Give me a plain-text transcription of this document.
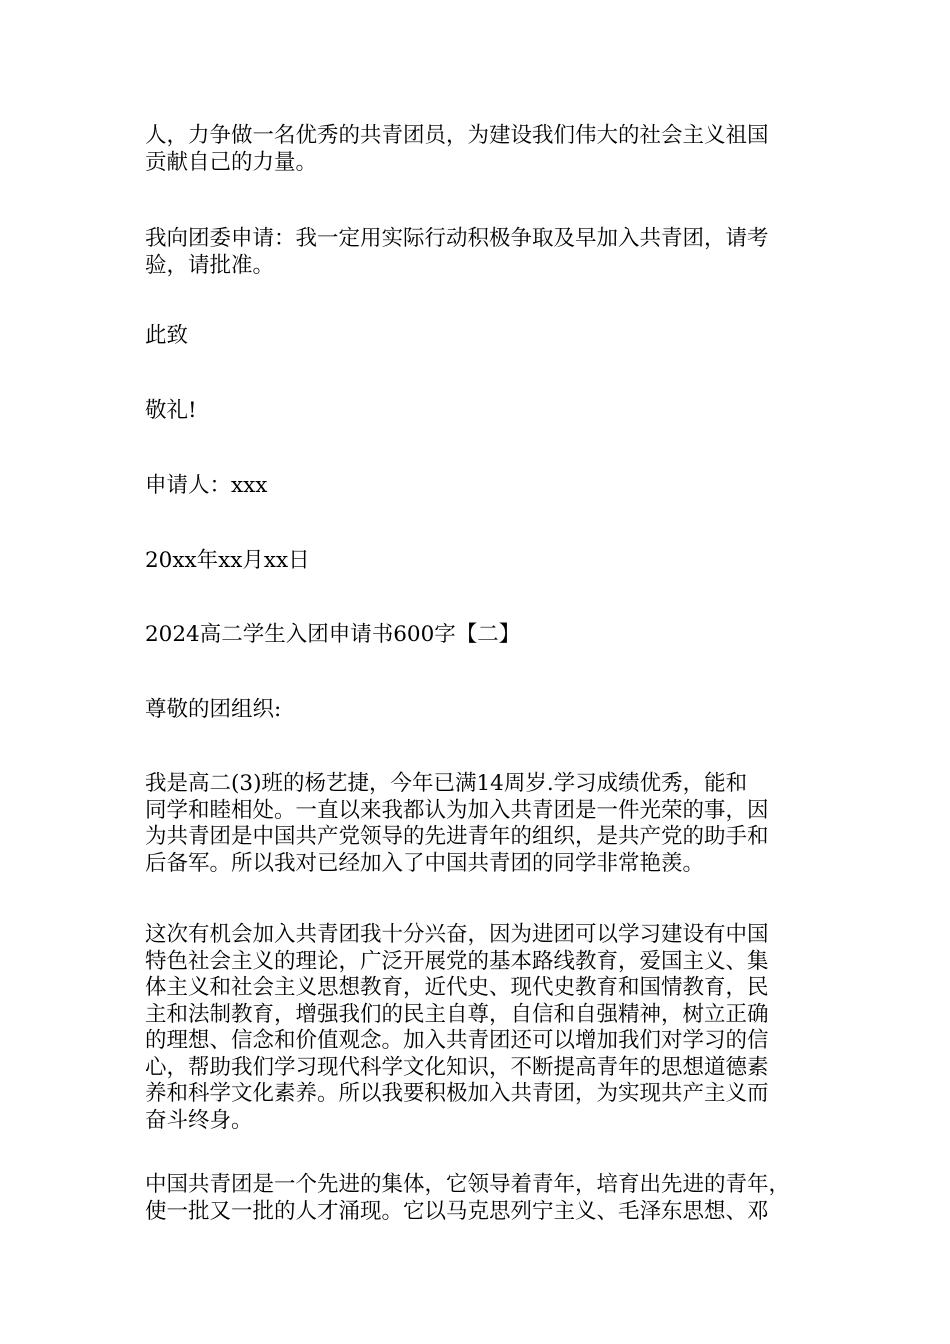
人，力争做一名优秀的共青团员，为建设我们伟大的社会主义祖国
贡献自己的力量。
我向团委申请：我一定用实际行动积极争取及早加入共青团，请考
验，请批准。
此致
敬礼!
申请人：xxx
20xx年xx月xx日
2024高二学生入团申请书600字【二】
尊敬的团组织:
我是高二(3)班的杨艺捷，今年已满14周岁.学习成绩优秀，能和
同学和睦相处。一直以来我都认为加入共青团是一件光荣的事，因
为共青团是中国共产党领导的先进青年的组织，是共产党的助手和
后备军。所以我对已经加入了中国共青团的同学非常艳羡。
这次有机会加入共青团我十分兴奋，因为进团可以学习建设有中国
特色社会主义的理论，广泛开展党的基本路线教育，爱国主义、集
体主义和社会主义思想教育，近代史、现代史教育和国情教育，民
主和法制教育，增强我们的民主自尊，自信和自强精神，树立正确
的理想、信念和价值观念。加入共青团还可以增加我们对学习的信
心，帮助我们学习现代科学文化知识，不断提高青年的思想道德素
养和科学文化素养。所以我要积极加入共青团，为实现共产主义而
奋斗终身。
中国共青团是一个先进的集体，它领导着青年，培育出先进的青年，
使一批又一批的人才涌现。它以马克思列宁主义、毛泽东思想、邓
